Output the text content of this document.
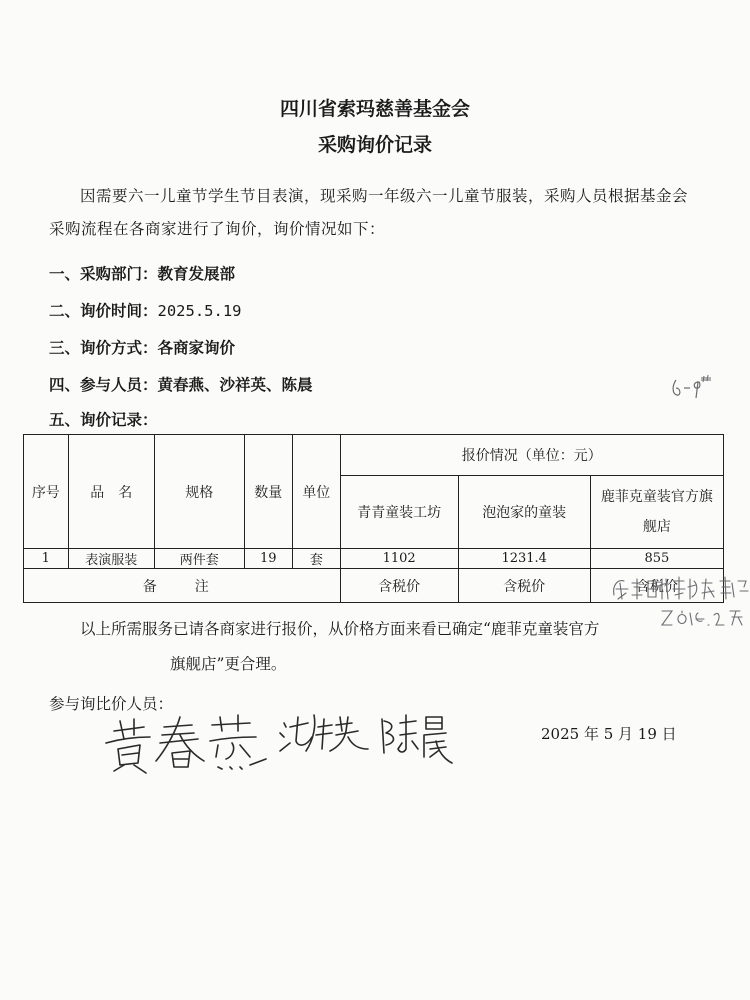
四川省索玛慈善基金会
采购询价记录
因需要六一儿童节学生节目表演，现采购一年级六一儿童节服装，采购人员根据基金会采购流程在各商家进行了询价，询价情况如下：
一、采购部门：教育发展部
二、询价时间：2025.5.19
三、询价方式：各商家询价
四、参与人员：黄春燕、沙祥英、陈晨
五、询价记录：
序号	品　名	规格	数量	单位	报价情况（单位：元）		
					青青童装工坊	泡泡家的童装	鹿菲克童装官方旗舰店
1	表演服装	两件套	19	套	1102	1231.4	855
备　注					含税价	含税价	含税价
以上所需服务已请各商家进行报价，从价格方面来看已确定“鹿菲克童装官方
旗舰店”更合理。
参与询比价人员：
2025 年 5 月 19 日
